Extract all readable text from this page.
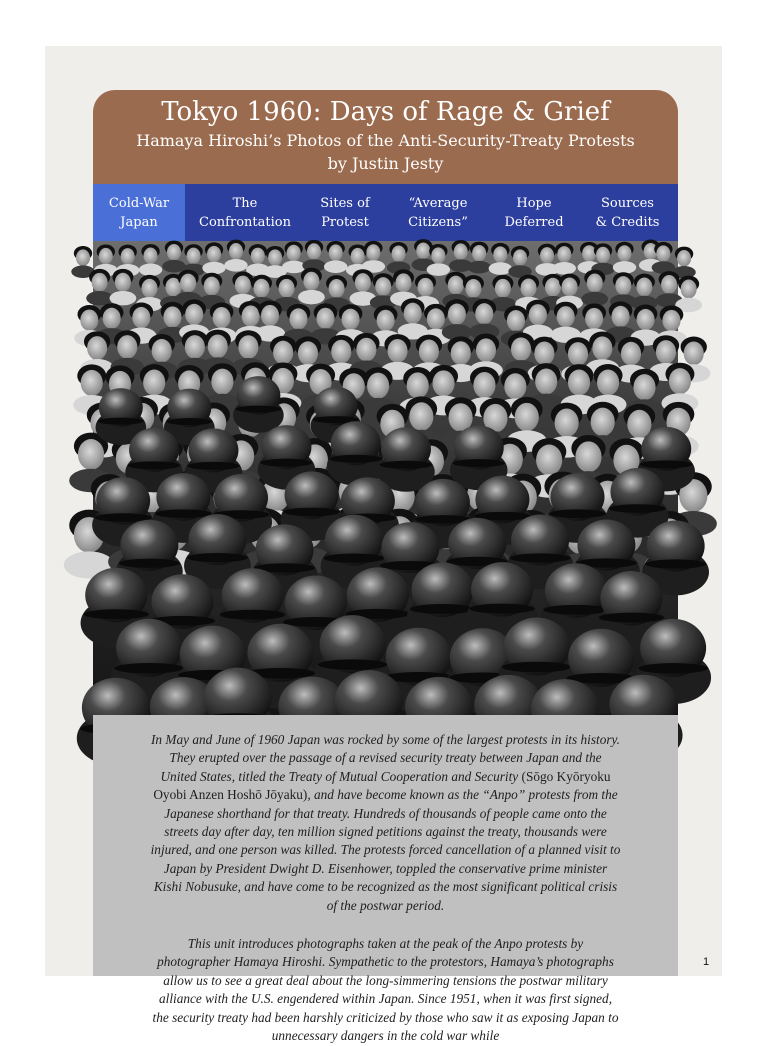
Tokyo 1960: Days of Rage & Grief
Hamaya Hiroshi’s Photos of the Anti-Security-Treaty Protests
by Justin Jesty
Cold-War
Japan
The
Confrontation
Sites of
Protest
“Average
Citizens”
Hope
Deferred
Sources
& Credits

In May and June of 1960 Japan was rocked by some of the largest protests in its history. They erupted over the passage of a revised security treaty between Japan and the United States, titled the Treaty of Mutual Cooperation and Security (Sōgo Kyōryoku Oyobi Anzen Hoshō Jōyaku), and have become known as the “Anpo” protests from the Japanese shorthand for that treaty. Hundreds of thousands of people came onto the streets day after day, ten million signed petitions against the treaty, thousands were injured, and one person was killed. The protests forced cancellation of a planned visit to Japan by President Dwight D. Eisenhower, toppled the conservative prime minister Kishi Nobusuke, and have come to be recognized as the most significant political crisis of the postwar period.

This unit introduces photographs taken at the peak of the Anpo protests by photographer Hamaya Hiroshi. Sympathetic to the protestors, Hamaya’s photographs allow us to see a great deal about the long-simmering tensions the postwar military alliance with the U.S. engendered within Japan. Since 1951, when it was first signed, the security treaty had been harshly criticized by those who saw it as exposing Japan to unnecessary dangers in the cold war while

1
